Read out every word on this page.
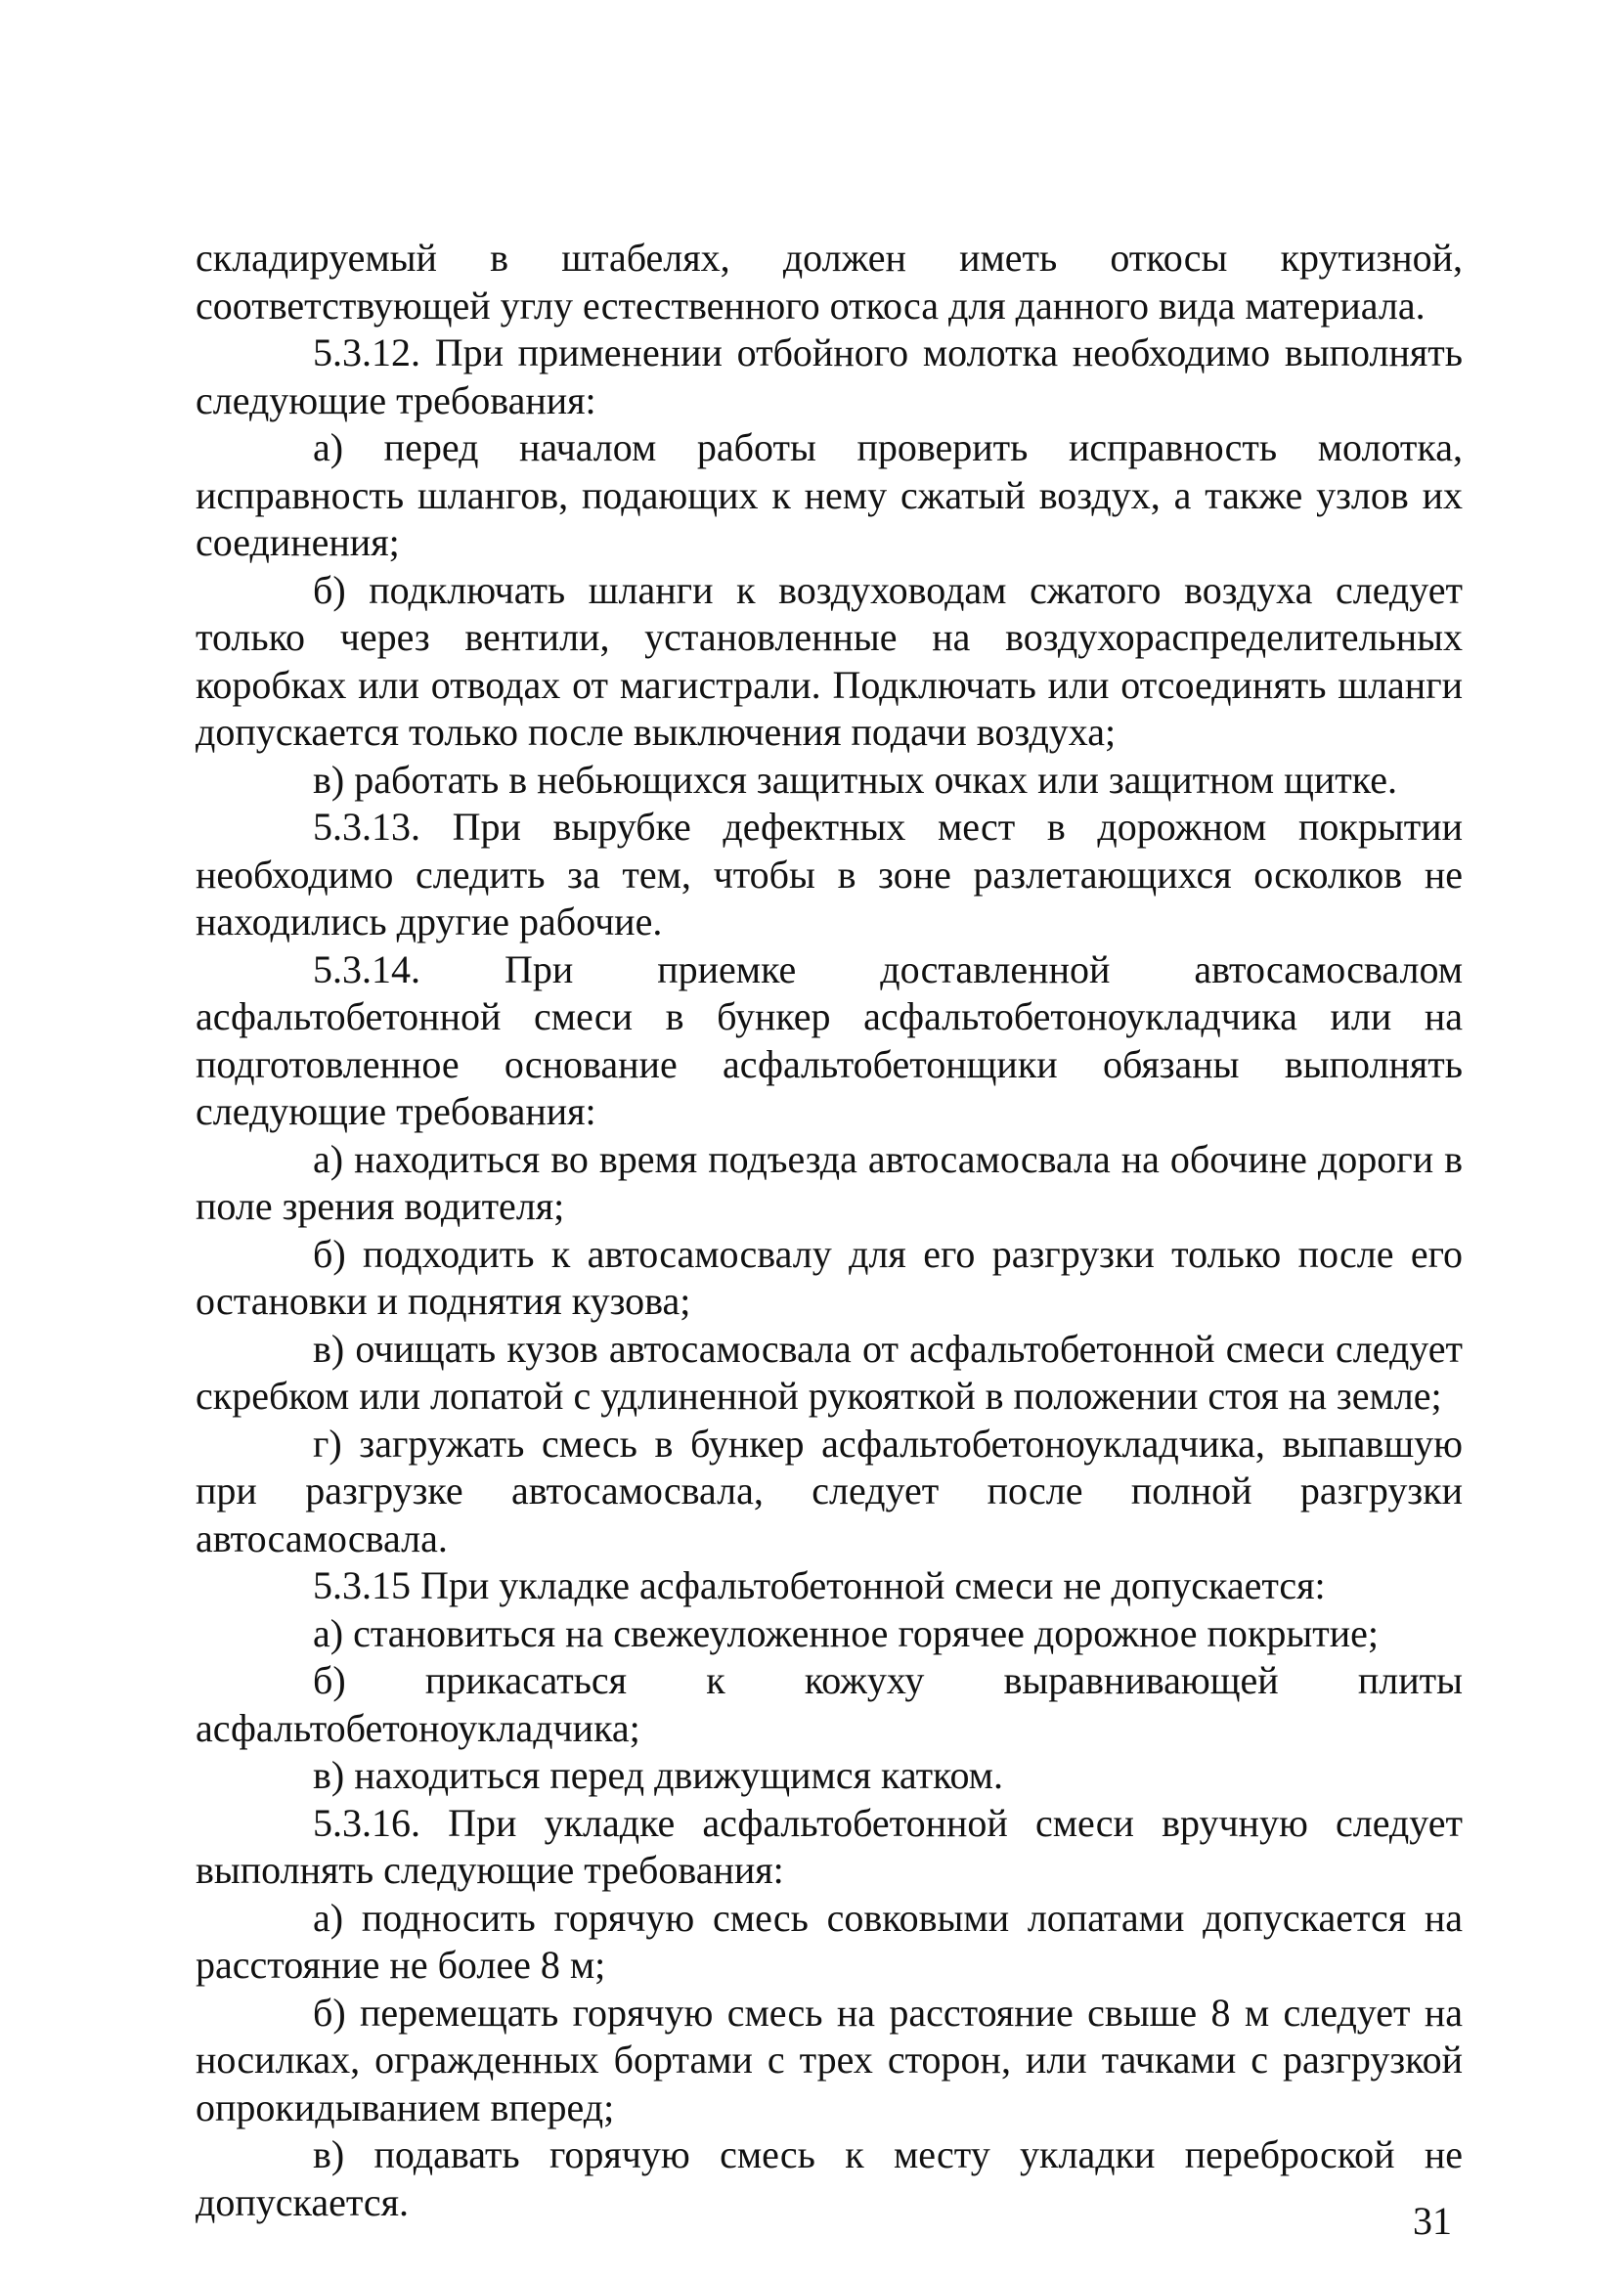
складируемый в штабелях, должен иметь откосы крутизной, соответствующей углу естественного откоса для данного вида материала.

5.3.12. При применении отбойного молотка необходимо выполнять следующие требования:

а) перед началом работы проверить исправность молотка, исправность шлангов, подающих к нему сжатый воздух, а также узлов их соединения;

б) подключать шланги к воздуховодам сжатого воздуха следует только через вентили, установленные на воздухораспределительных коробках или отводах от магистрали. Подключать или отсоединять шланги допускается только после выключения подачи воздуха;

в) работать в небьющихся защитных очках или защитном щитке.

5.3.13. При вырубке дефектных мест в дорожном покрытии необходимо следить за тем, чтобы в зоне разлетающихся осколков не находились другие рабочие.

5.3.14. При приемке доставленной автосамосвалом асфальтобетонной смеси в бункер асфальтобетоноукладчика или на подготовленное основание асфальтобетонщики обязаны выполнять следующие требования:

а) находиться во время подъезда автосамосвала на обочине дороги в поле зрения водителя;

б) подходить к автосамосвалу для его разгрузки только после его остановки и поднятия кузова;

в) очищать кузов автосамосвала от асфальтобетонной смеси следует скребком или лопатой с удлиненной рукояткой в положении стоя на земле;

г) загружать смесь в бункер асфальтобетоноукладчика, выпавшую при разгрузке автосамосвала, следует после полной разгрузки автосамосвала.

5.3.15 При укладке асфальтобетонной смеси не допускается:

а) становиться на свежеуложенное горячее дорожное покрытие;

б) прикасаться к кожуху выравнивающей плиты асфальтобетоноукладчика;

в) находиться перед движущимся катком.

5.3.16. При укладке асфальтобетонной смеси вручную следует выполнять следующие требования:

а) подносить горячую смесь совковыми лопатами допускается на расстояние не более 8 м;

б) перемещать горячую смесь на расстояние свыше 8 м следует на носилках, огражденных бортами с трех сторон, или тачками с разгрузкой опрокидыванием вперед;

в) подавать горячую смесь к месту укладки переброской не допускается.	31
